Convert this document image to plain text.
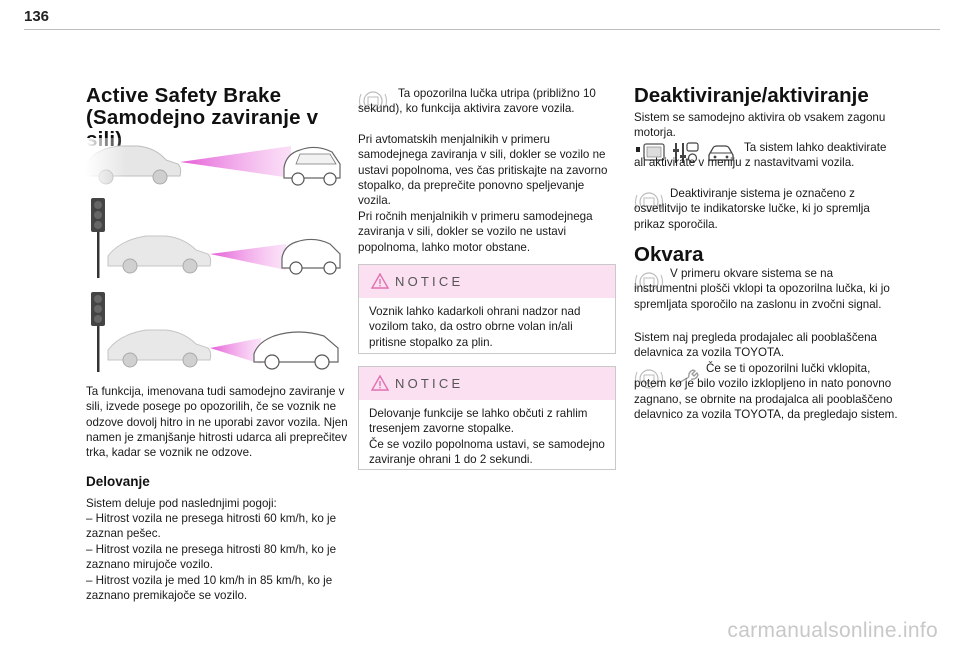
136
Active Safety Brake (Samodejno zaviranje v
Ta funkcija, imenovana tudi samodejno zaviranje v sili, izvede posege po opozorilih, če se voznik ne odzove dovolj hitro in ne uporabi zavor vozila. Njen namen je zmanjšanje hitrosti udarca ali preprečitev trka, kadar se voznik ne odzove.
Delovanje
Sistem deluje pod naslednjimi pogoji:
– Hitrost vozila ne presega hitrosti 60 km/h, ko je zaznan pešec.
– Hitrost vozila ne presega hitrosti 80 km/h, ko je zaznano mirujoče vozilo.
– Hitrost vozila je med 10 km/h in 85 km/h, ko je zaznano premikajoče se vozilo.
Ta opozorilna lučka utripa (približno 10 sekund), ko funkcija aktivira zavore vozila.
Pri avtomatskih menjalnikih v primeru samodejnega zaviranja v sili, dokler se vozilo ne ustavi popolnoma, ves čas pritiskajte na zavorno stopalko, da preprečite ponovno speljevanje vozila.
Pri ročnih menjalnikih v primeru samodejnega zaviranja v sili, dokler se vozilo ne ustavi popolnoma, lahko motor obstane.
NOTICE
Voznik lahko kadarkoli ohrani nadzor nad vozilom tako, da ostro obrne volan in/ali pritisne stopalko za plin.
NOTICE
Delovanje funkcije se lahko občuti z rahlim tresenjem zavorne stopalke.
Če se vozilo popolnoma ustavi, se samodejno zaviranje ohrani 1 do 2 sekundi.
Deaktiviranje/aktiviranje
Sistem se samodejno aktivira ob vsakem zagonu motorja.
Ta sistem lahko deaktivirate ali aktivirate v meniju z nastavitvami vozila.
Deaktiviranje sistema je označeno z osvetlitvijo te indikatorske lučke, ki jo spremlja prikaz sporočila.
Okvara
V primeru okvare sistema se na instrumentni plošči vklopi ta opozorilna lučka, ki jo spremljata sporočilo na zaslonu in zvočni signal.
Sistem naj pregleda prodajalec ali pooblaščena delavnica za vozila TOYOTA.
Če se ti opozorilni lučki vklopita, potem ko je bilo vozilo izklopljeno in nato ponovno zagnano, se obrnite na prodajalca ali pooblaščeno delavnico za vozila TOYOTA, da pregledajo sistem.
carmanualsonline.info
